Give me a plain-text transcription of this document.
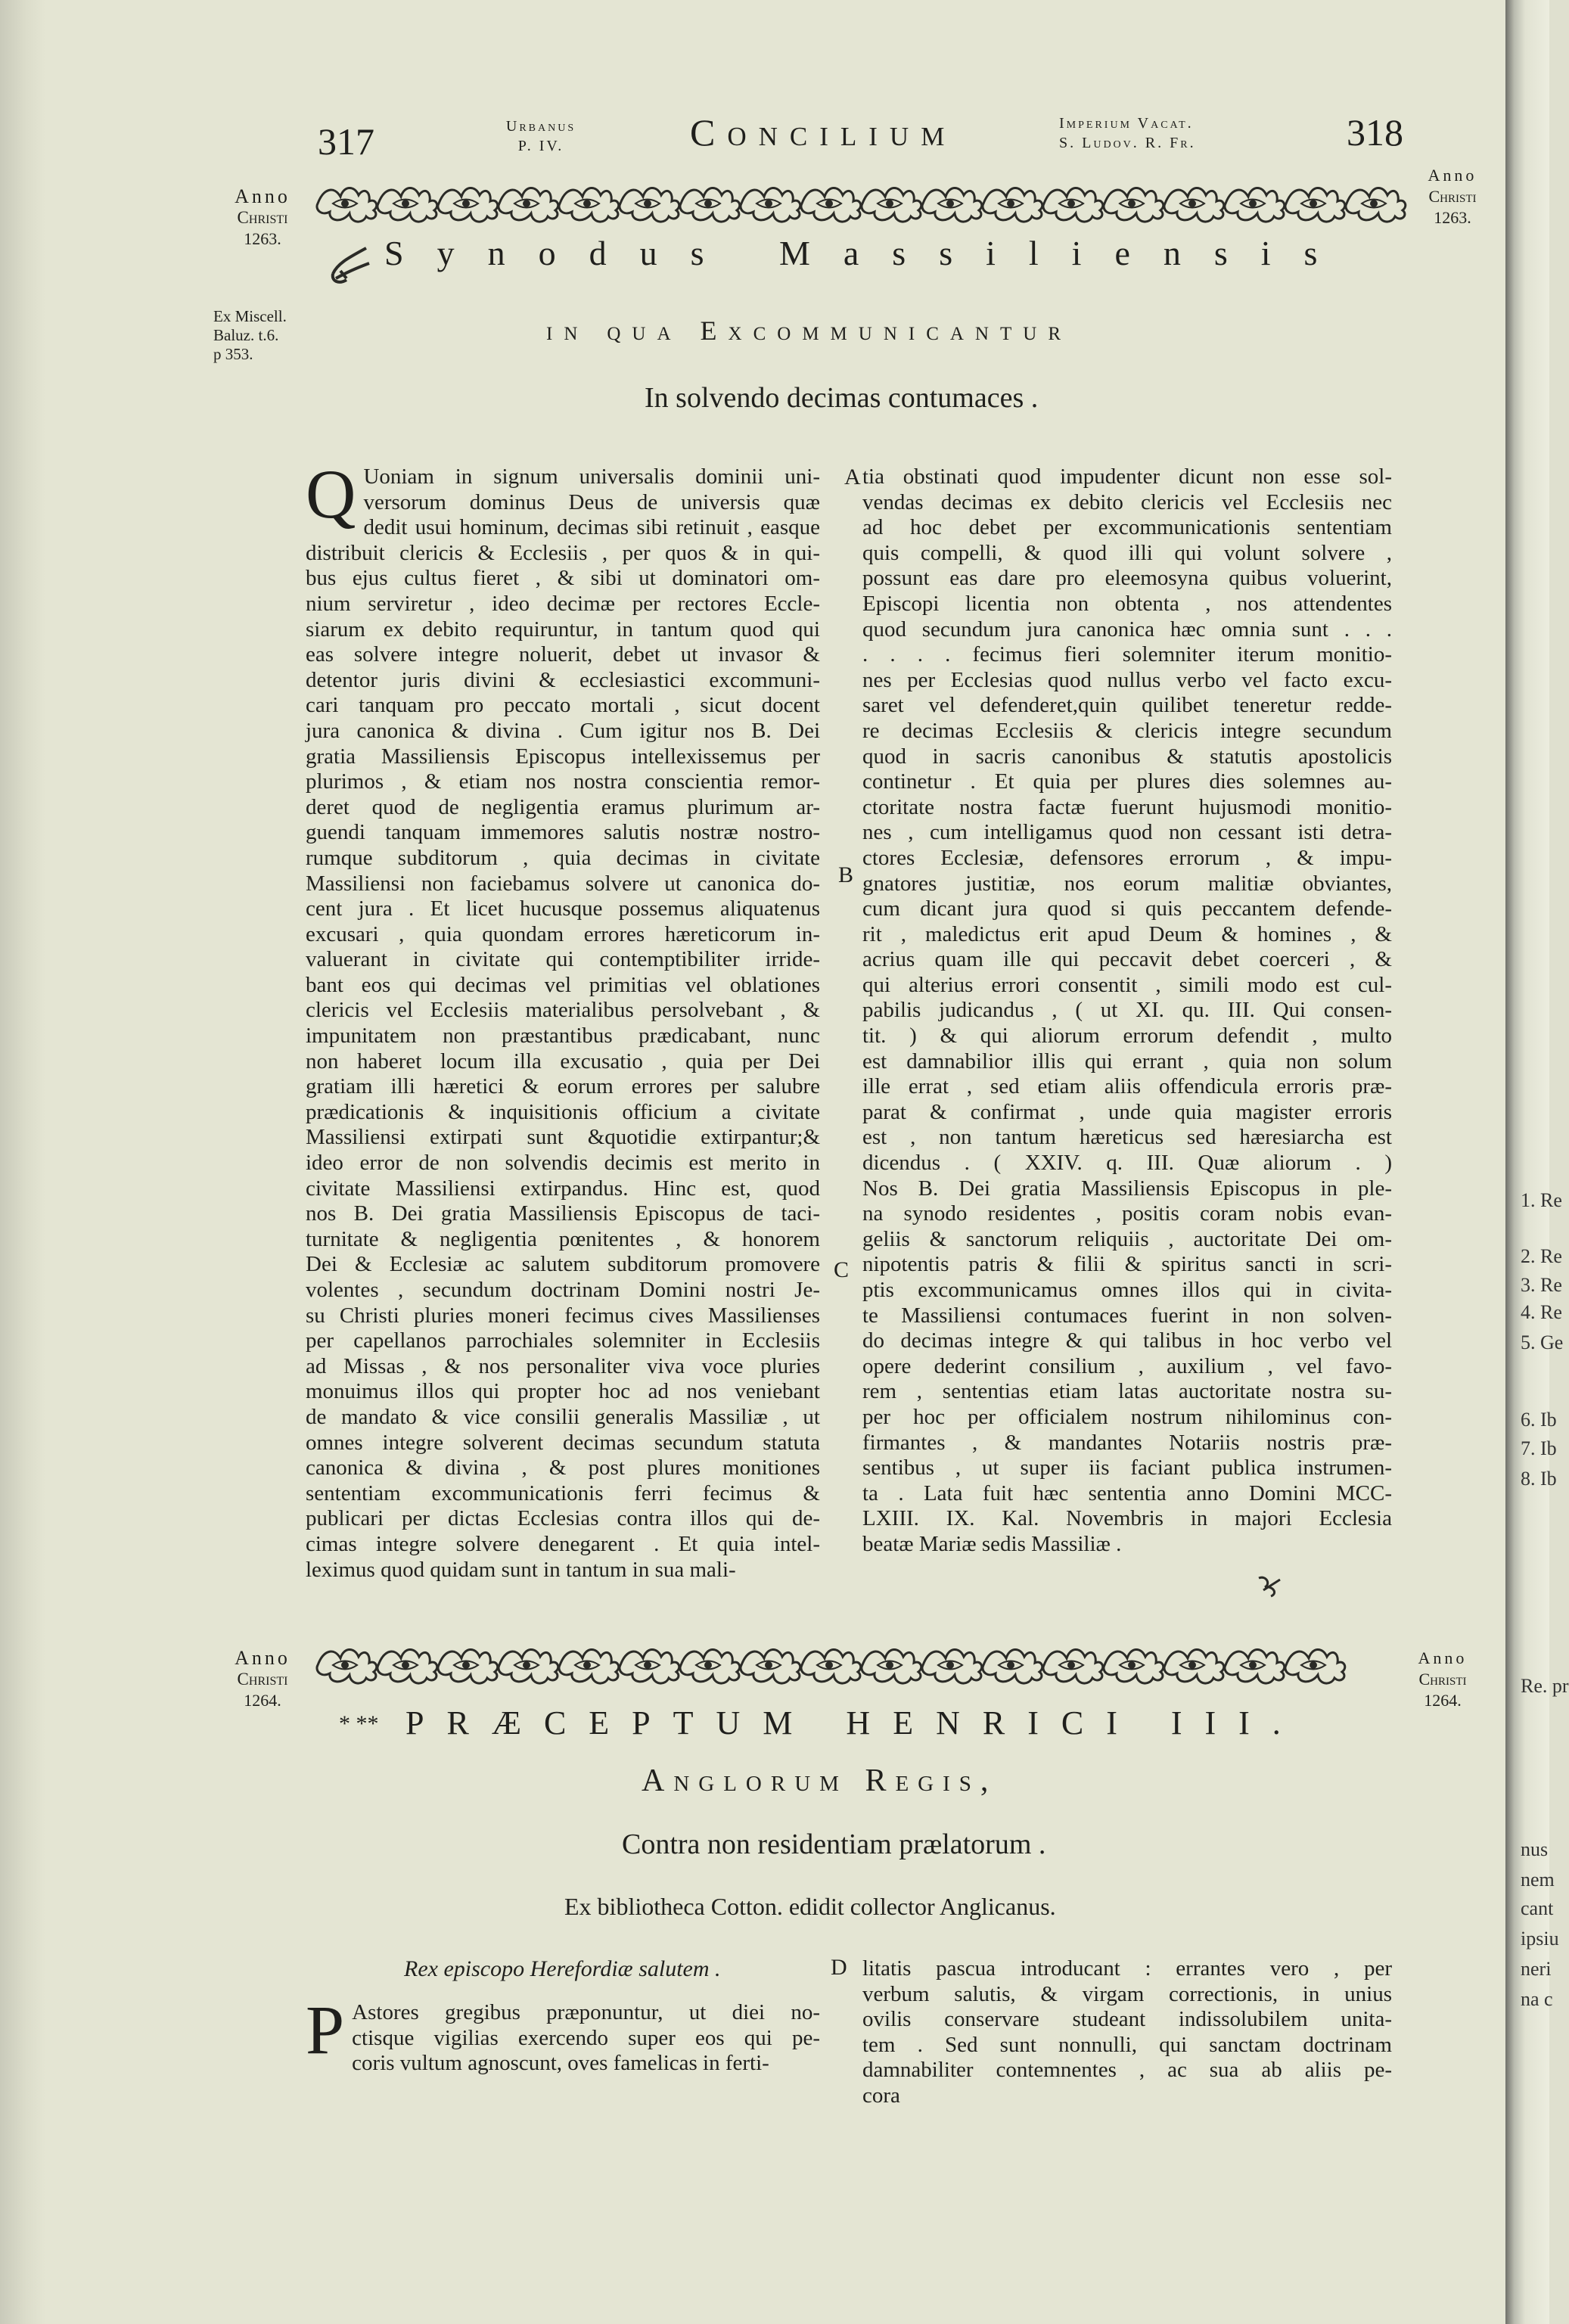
317	Urbanus
P. IV.	Concilium	Imperium Vacat.
S. Ludov. R. Fr.	318
Anno
Christi
1263.
Anno
Christi
1263.
Synodus Massiliensis
in qua Excommunicantur
In solvendo decimas contumaces .
Ex Miscell.
Baluz. t.6.
p 353.
Q Uoniam in signum universalis dominii uni-
versorum dominus Deus de universis quæ
dedit usui hominum, decimas sibi retinuit , easque
distribuit clericis & Ecclesiis , per quos & in qui-
bus ejus cultus fieret , & sibi ut dominatori om-
nium serviretur , ideo decimæ per rectores Eccle-
siarum ex debito requiruntur, in tantum quod qui
eas solvere integre noluerit, debet ut invasor &
detentor juris divini & ecclesiastici excommuni-
cari tanquam pro peccato mortali , sicut docent
jura canonica & divina . Cum igitur nos B. Dei
gratia Massiliensis Episcopus intellexissemus per
plurimos , & etiam nos nostra conscientia remor-
deret quod de negligentia eramus plurimum ar-
guendi tanquam immemores salutis nostræ nostro-
rumque subditorum , quia decimas in civitate
Massiliensi non faciebamus solvere ut canonica do-
cent jura . Et licet hucusque possemus aliquatenus
excusari , quia quondam errores hæreticorum in-
valuerant in civitate qui contemptibiliter irride-
bant eos qui decimas vel primitias vel oblationes
clericis vel Ecclesiis materialibus persolvebant , &
impunitatem non præstantibus prædicabant, nunc
non haberet locum illa excusatio , quia per Dei
gratiam illi hæretici & eorum errores per salubre
prædicationis & inquisitionis officium a civitate
Massiliensi extirpati sunt &quotidie extirpantur;&
ideo error de non solvendis decimis est merito in
civitate Massiliensi extirpandus. Hinc est, quod
nos B. Dei gratia Massiliensis Episcopus de taci-
turnitate & negligentia pœnitentes , & honorem
Dei & Ecclesiæ ac salutem subditorum promovere
volentes , secundum doctrinam Domini nostri Je-
su Christi pluries moneri fecimus cives Massilienses
per capellanos parrochiales solemniter in Ecclesiis
ad Missas , & nos personaliter viva voce pluries
monuimus illos qui propter hoc ad nos veniebant
de mandato & vice consilii generalis Massiliæ , ut
omnes integre solverent decimas secundum statuta
canonica & divina , & post plures monitiones
sententiam excommunicationis ferri fecimus &
publicari per dictas Ecclesias contra illos qui de-
cimas integre solvere denegarent . Et quia intel-
leximus quod quidam sunt in tantum in sua mali-
A
B
C
tia obstinati quod impudenter dicunt non esse sol-
vendas decimas ex debito clericis vel Ecclesiis nec
ad hoc debet per excommunicationis sententiam
quis compelli, & quod illi qui volunt solvere ,
possunt eas dare pro eleemosyna quibus voluerint,
Episcopi licentia non obtenta , nos attendentes
quod secundum jura canonica hæc omnia sunt . . .
. . . . fecimus fieri solemniter iterum monitio-
nes per Ecclesias quod nullus verbo vel facto excu-
saret vel defenderet,quin quilibet teneretur redde-
re decimas Ecclesiis & clericis integre secundum
quod in sacris canonibus & statutis apostolicis
continetur . Et quia per plures dies solemnes au-
ctoritate nostra factæ fuerunt hujusmodi monitio-
nes , cum intelligamus quod non cessant isti detra-
ctores Ecclesiæ, defensores errorum , & impu-
gnatores justitiæ, nos eorum malitiæ obviantes,
cum dicant jura quod si quis peccantem defende-
rit , maledictus erit apud Deum & homines , &
acrius quam ille qui peccavit debet coerceri , &
qui alterius errori consentit , simili modo est cul-
pabilis judicandus , ( ut XI. qu. III. Qui consen-
tit. ) & qui aliorum errorum defendit , multo
est damnabilior illis qui errant , quia non solum
ille errat , sed etiam aliis offendicula erroris præ-
parat & confirmat , unde quia magister erroris
est , non tantum hæreticus sed hæresiarcha est
dicendus . ( XXIV. q. III. Quæ aliorum . )
Nos B. Dei gratia Massiliensis Episcopus in ple-
na synodo residentes , positis coram nobis evan-
geliis & sanctorum reliquiis , auctoritate Dei om-
nipotentis patris & filii & spiritus sancti in scri-
ptis excommunicamus omnes illos qui in civita-
te Massiliensi contumaces fuerint in non solven-
do decimas integre & qui talibus in hoc verbo vel
opere dederint consilium , auxilium , vel favo-
rem , sententias etiam latas auctoritate nostra su-
per hoc per officialem nostrum nihilominus con-
firmantes , & mandantes Notariis nostris præ-
sentibus , ut super iis faciant publica instrumen-
ta . Lata fuit hæc sententia anno Domini MCC-
LXIII. IX. Kal. Novembris in majori Ecclesia
beatæ Mariæ sedis Massiliæ .
Anno
Christi
1264.
Anno
Christi
1264.
* ** PRÆCEPTUM HENRICI III.
Anglorum Regis,
Contra non residentiam prælatorum .
Ex bibliotheca Cotton. edidit collector Anglicanus.
Rex episcopo Herefordiæ salutem .
P Astores gregibus præponuntur, ut diei no-
ctisque vigilias exercendo super eos qui pe-
coris vultum agnoscunt, oves famelicas in ferti-
D litatis pascua introducant : errantes vero , per
verbum salutis, & virgam correctionis, in unius
ovilis conservare studeant indissolubilem unita-
tem . Sed sunt nonnulli, qui sanctam doctrinam
damnabiliter contemnentes , ac sua ab aliis pe-
cora
nus
nem
cant
ipsiu
neri
na c
Re. pr
1. Re
2. Re
3. Re
4. Re
5. Ge
6. Ib
7. Ib
8. Ib
